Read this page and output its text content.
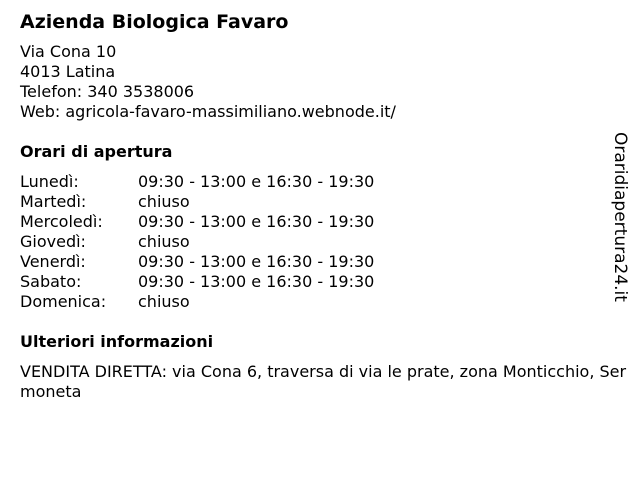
Azienda Biologica Favaro
Via Cona 10
4013 Latina
Telefon: 340 3538006
Web: agricola-favaro-massimiliano.webnode.it/
Orari di apertura
Lunedì:	09:30 - 13:00 e 16:30 - 19:30
Martedì:	chiuso
Mercoledì:	09:30 - 13:00 e 16:30 - 19:30
Giovedì:	chiuso
Venerdì:	09:30 - 13:00 e 16:30 - 19:30
Sabato:	09:30 - 13:00 e 16:30 - 19:30
Domenica:	chiuso
Ulteriori informazioni
VENDITA DIRETTA: via Cona 6, traversa di via le prate, zona Monticchio, Sermoneta
Oraridiapertura24.it
